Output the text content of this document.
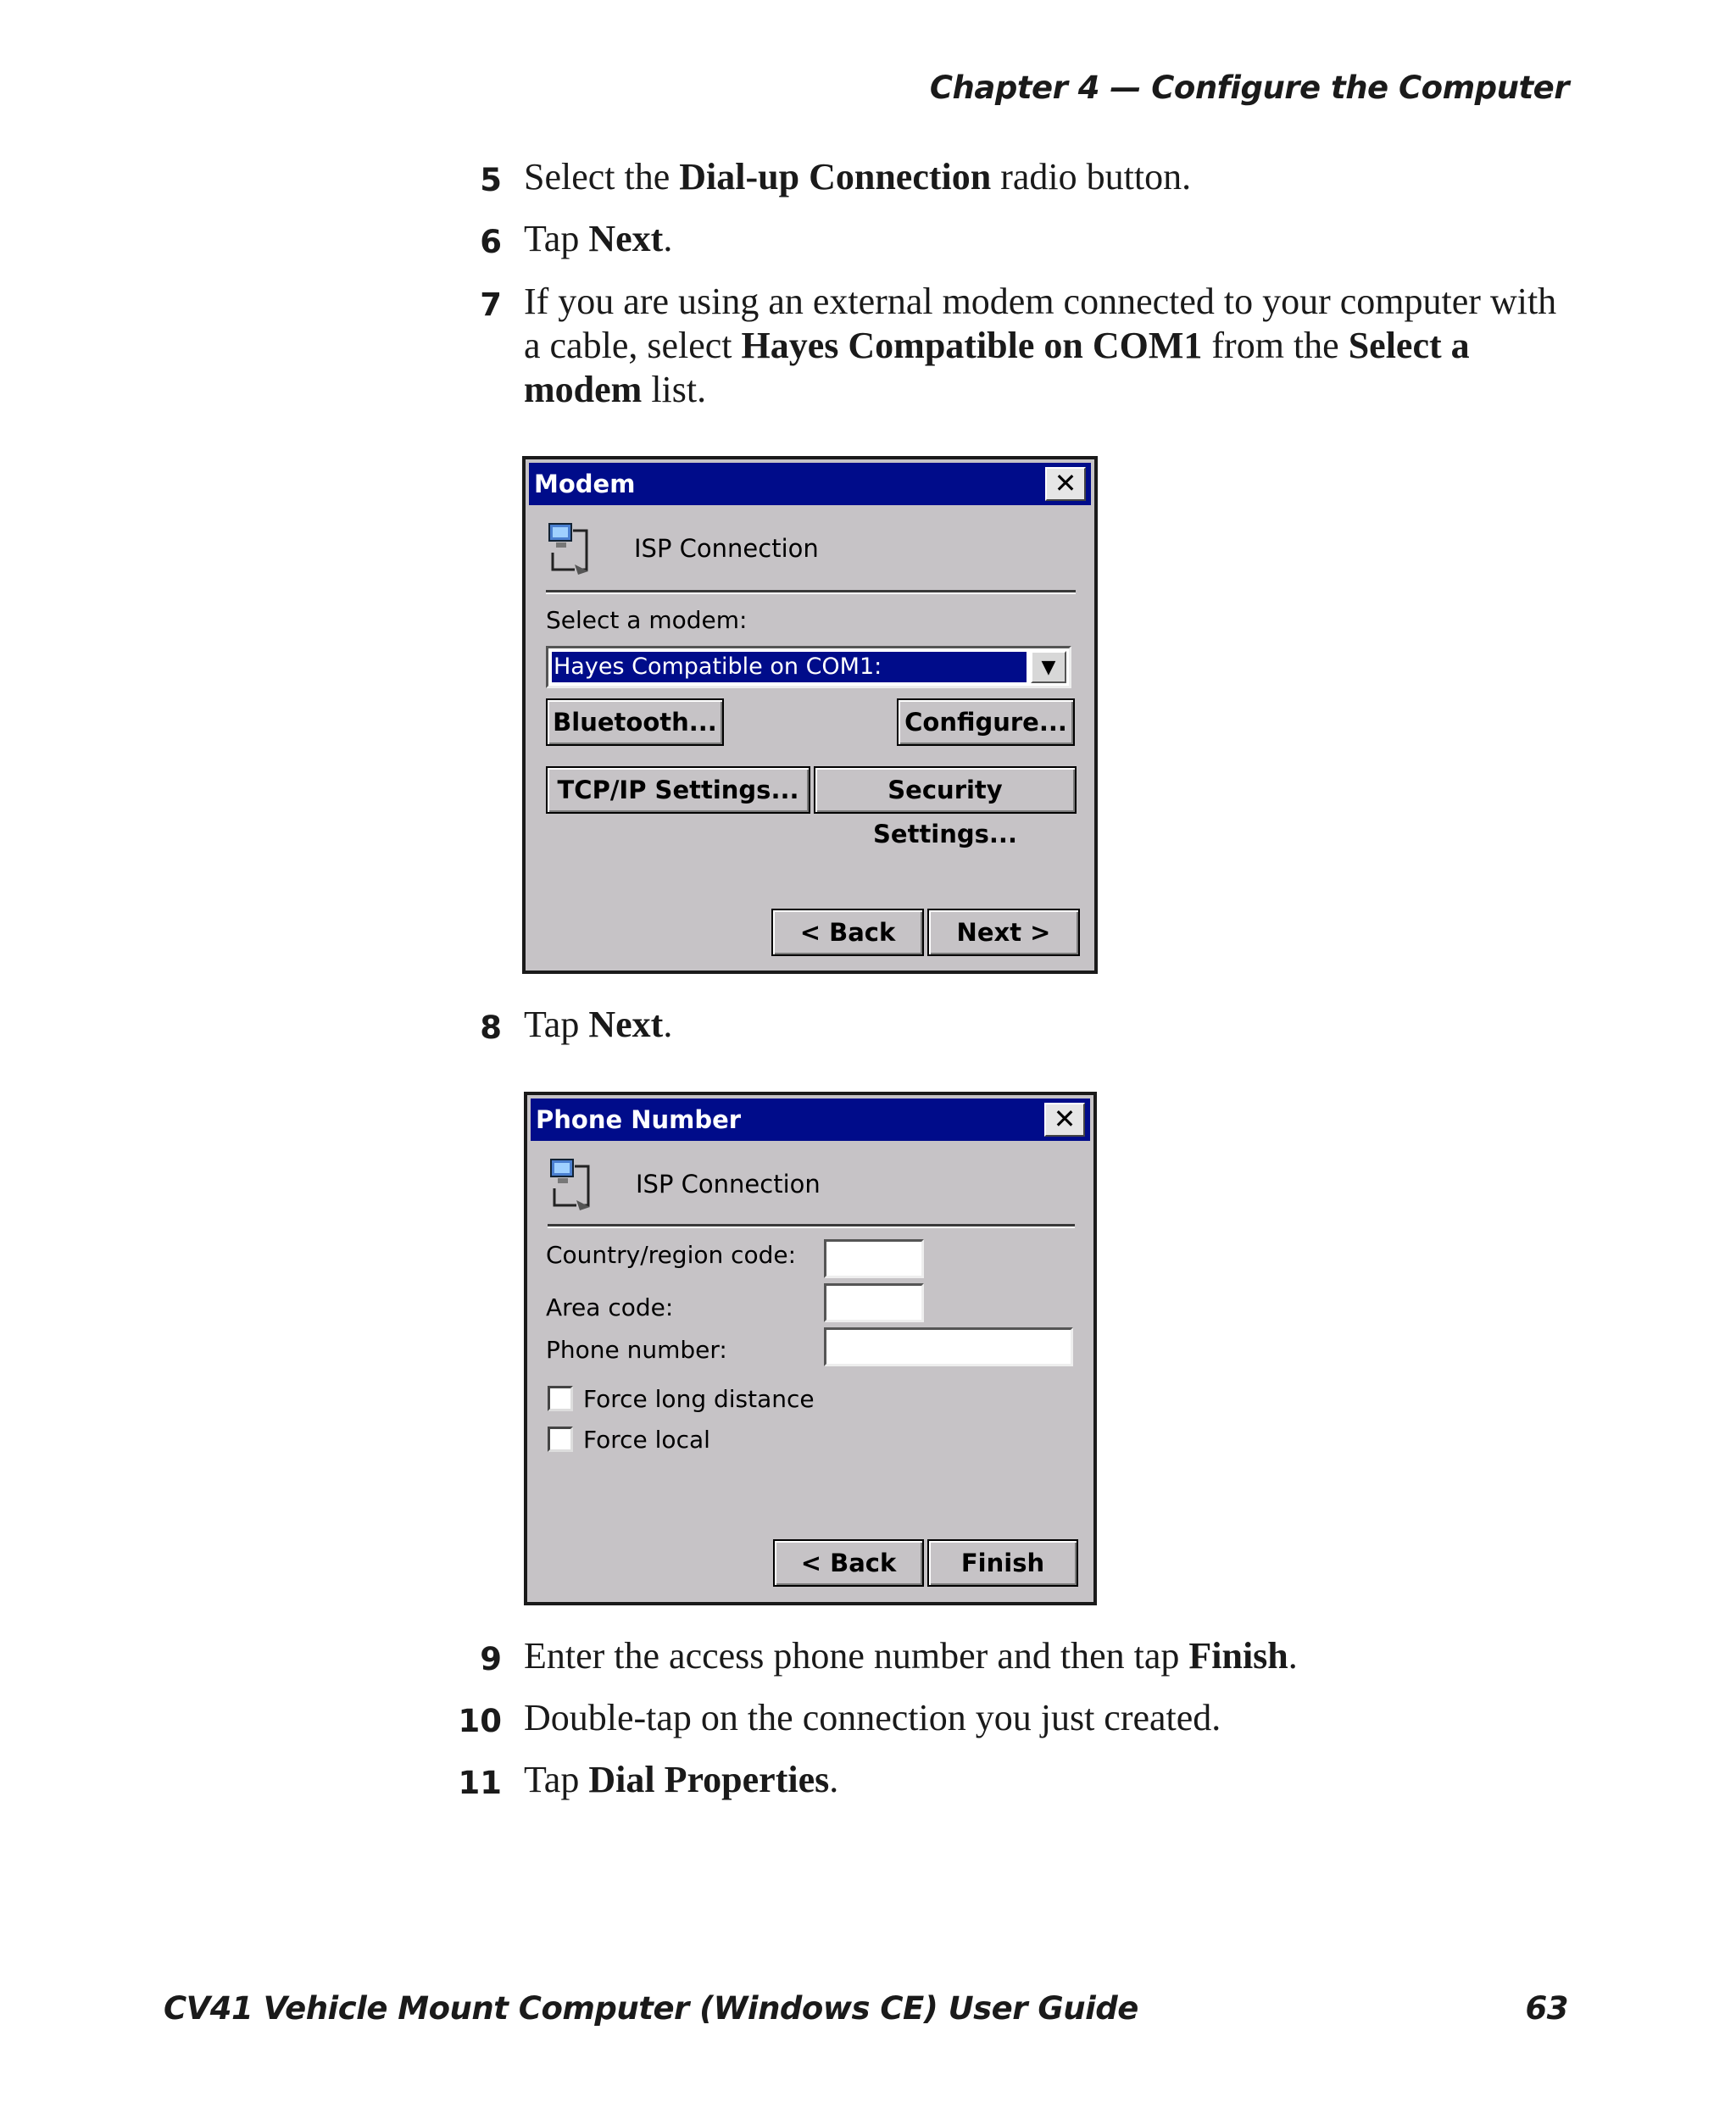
Chapter 4 — Configure the Computer
5 Select the Dial-up Connection radio button.
6 Tap Next.
7 If you are using an external modem connected to your computer with a cable, select Hayes Compatible on COM1 from the Select a modem list.
Modem	✕
ISP Connection
Select a modem:
Hayes Compatible on COM1:	▼
Bluetooth...	Configure...
TCP/IP Settings...	Security Settings...
< Back	Next >
8 Tap Next.
Phone Number	✕
ISP Connection
Country/region code:
Area code:
Phone number:
Force long distance
Force local
< Back	Finish
9 Enter the access phone number and then tap Finish.
10 Double-tap on the connection you just created.
11 Tap Dial Properties.
CV41 Vehicle Mount Computer (Windows CE) User Guide	63
